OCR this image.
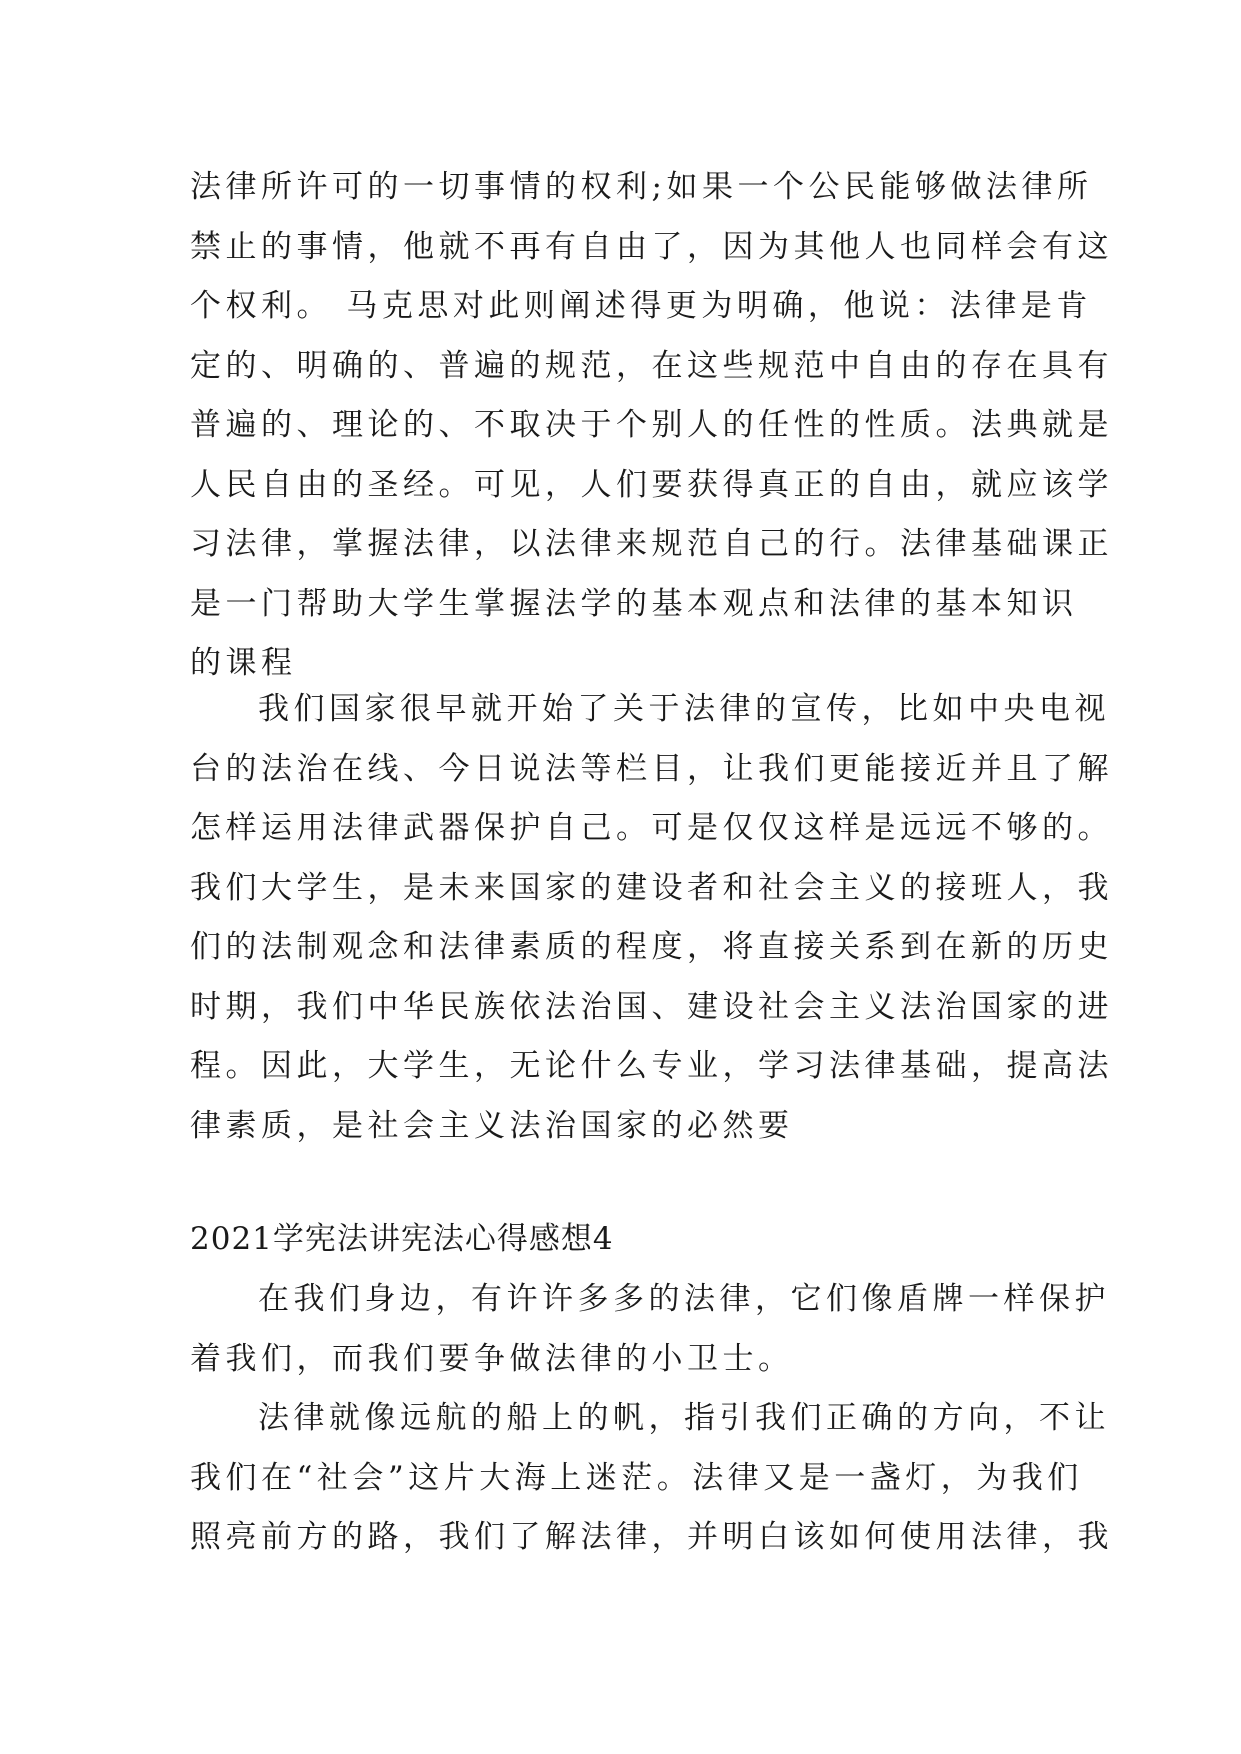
法律所许可的一切事情的权利;如果一个公民能够做法律所
禁止的事情，他就不再有自由了，因为其他人也同样会有这
个权利。 马克思对此则阐述得更为明确，他说：法律是肯
定的、明确的、普遍的规范，在这些规范中自由的存在具有
普遍的、理论的、不取决于个别人的任性的性质。法典就是
人民自由的圣经。可见，人们要获得真正的自由，就应该学
习法律，掌握法律，以法律来规范自己的行。法律基础课正
是一门帮助大学生掌握法学的基本观点和法律的基本知识
的课程
我们国家很早就开始了关于法律的宣传，比如中央电视
台的法治在线、今日说法等栏目，让我们更能接近并且了解
怎样运用法律武器保护自己。可是仅仅这样是远远不够的。
我们大学生，是未来国家的建设者和社会主义的接班人，我
们的法制观念和法律素质的程度，将直接关系到在新的历史
时期，我们中华民族依法治国、建设社会主义法治国家的进
程。因此，大学生，无论什么专业，学习法律基础，提高法
律素质，是社会主义法治国家的必然要
2021学宪法讲宪法心得感想4
在我们身边，有许许多多的法律，它们像盾牌一样保护
着我们，而我们要争做法律的小卫士。
法律就像远航的船上的帆，指引我们正确的方向，不让
我们在“社会”这片大海上迷茫。法律又是一盏灯，为我们
照亮前方的路，我们了解法律，并明白该如何使用法律，我
